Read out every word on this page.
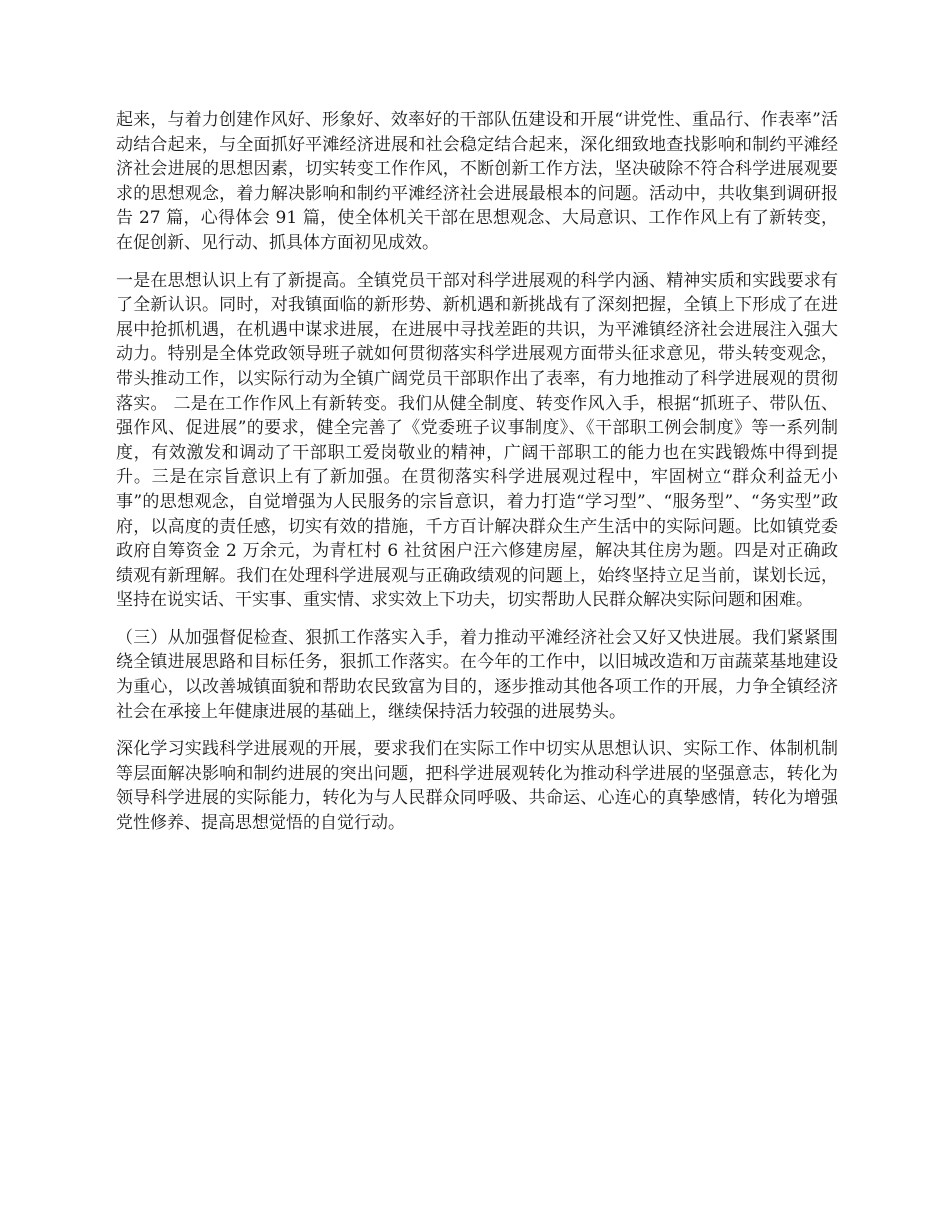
起来，与着力创建作风好、形象好、效率好的干部队伍建设和开展“讲党性、重品行、作表率”活动结合起来，与全面抓好平滩经济进展和社会稳定结合起来，深化细致地查找影响和制约平滩经济社会进展的思想因素，切实转变工作作风，不断创新工作方法，坚决破除不符合科学进展观要求的思想观念，着力解决影响和制约平滩经济社会进展最根本的问题。活动中，共收集到调研报告 27 篇，心得体会 91 篇，使全体机关干部在思想观念、大局意识、工作作风上有了新转变，在促创新、见行动、抓具体方面初见成效。

一是在思想认识上有了新提高。全镇党员干部对科学进展观的科学内涵、精神实质和实践要求有了全新认识。同时，对我镇面临的新形势、新机遇和新挑战有了深刻把握，全镇上下形成了在进展中抢抓机遇，在机遇中谋求进展，在进展中寻找差距的共识，为平滩镇经济社会进展注入强大动力。特别是全体党政领导班子就如何贯彻落实科学进展观方面带头征求意见，带头转变观念，带头推动工作，以实际行动为全镇广阔党员干部职作出了表率，有力地推动了科学进展观的贯彻落实。 二是在工作作风上有新转变。我们从健全制度、转变作风入手，根据“抓班子、带队伍、强作风、促进展”的要求，健全完善了《党委班子议事制度》、《干部职工例会制度》等一系列制度，有效激发和调动了干部职工爱岗敬业的精神，广阔干部职工的能力也在实践锻炼中得到提升。三是在宗旨意识上有了新加强。在贯彻落实科学进展观过程中，牢固树立“群众利益无小事”的思想观念，自觉增强为人民服务的宗旨意识，着力打造“学习型”、“服务型”、“务实型”政府，以高度的责任感，切实有效的措施，千方百计解决群众生产生活中的实际问题。比如镇党委政府自筹资金 2 万余元，为青杠村 6 社贫困户汪六修建房屋，解决其住房为题。四是对正确政绩观有新理解。我们在处理科学进展观与正确政绩观的问题上，始终坚持立足当前，谋划长远，坚持在说实话、干实事、重实情、求实效上下功夫，切实帮助人民群众解决实际问题和困难。

（三）从加强督促检查、狠抓工作落实入手，着力推动平滩经济社会又好又快进展。我们紧紧围绕全镇进展思路和目标任务，狠抓工作落实。在今年的工作中，以旧城改造和万亩蔬菜基地建设为重心，以改善城镇面貌和帮助农民致富为目的，逐步推动其他各项工作的开展，力争全镇经济社会在承接上年健康进展的基础上，继续保持活力较强的进展势头。

深化学习实践科学进展观的开展，要求我们在实际工作中切实从思想认识、实际工作、体制机制等层面解决影响和制约进展的突出问题，把科学进展观转化为推动科学进展的坚强意志，转化为领导科学进展的实际能力，转化为与人民群众同呼吸、共命运、心连心的真挚感情，转化为增强党性修养、提高思想觉悟的自觉行动。
